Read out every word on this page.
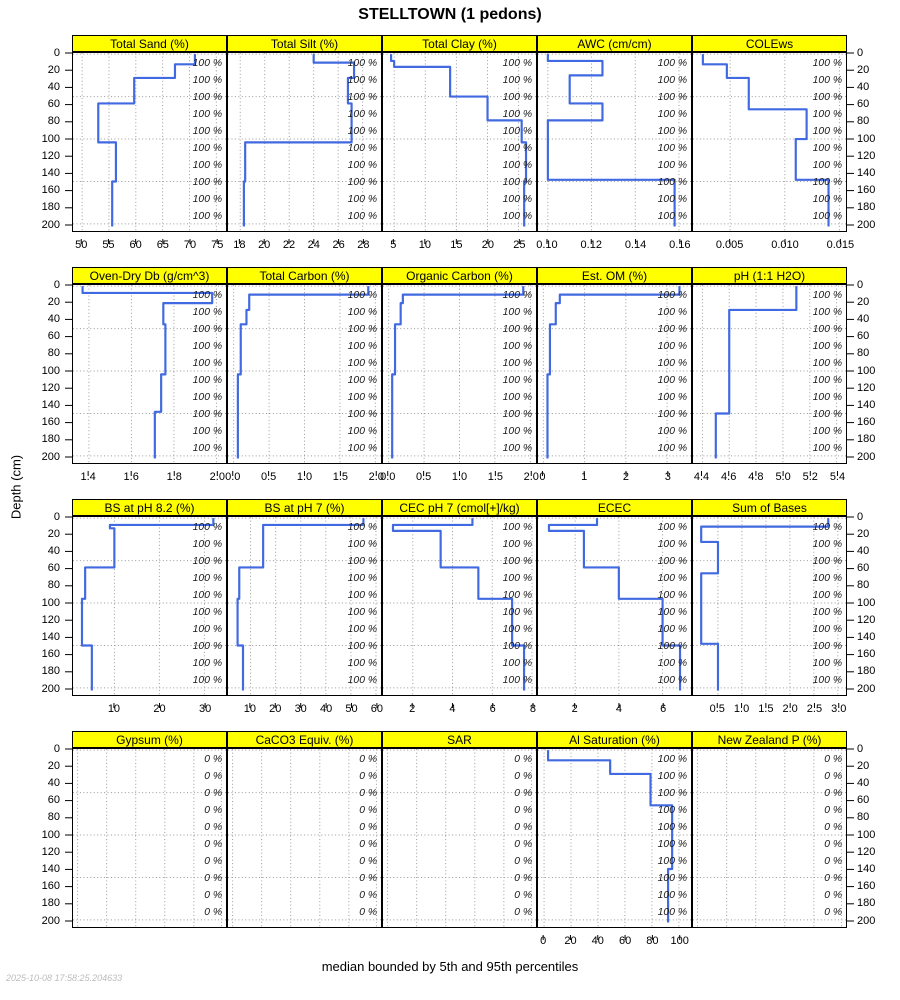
STELLTOWN (1 pedons)
Depth (cm)
Total Sand (%)
100 %
100 %
100 %
100 %
100 %
100 %
100 %
100 %
100 %
100 %
50	55	60	65	70	75
Total Silt (%)
100 %
100 %
100 %
100 %
100 %
100 %
100 %
100 %
100 %
100 %
18	20	22	24	26	28
Total Clay (%)
100 %
100 %
100 %
100 %
100 %
100 %
100 %
100 %
100 %
100 %
5	10	15	20	25
AWC (cm/cm)
100 %
100 %
100 %
100 %
100 %
100 %
100 %
100 %
100 %
100 %
0.10	0.12	0.14	0.16
COLEws
100 %
100 %
100 %
100 %
100 %
100 %
100 %
100 %
100 %
100 %
0.005	0.010	0.015
Oven-Dry Db (g/cm^3)
100 %
100 %
100 %
100 %
100 %
100 %
100 %
100 %
100 %
100 %
1.4	1.6	1.8	2.0
Total Carbon (%)
100 %
100 %
100 %
100 %
100 %
100 %
100 %
100 %
100 %
100 %
0.0	0.5	1.0	1.5	2.0
Organic Carbon (%)
100 %
100 %
100 %
100 %
100 %
100 %
100 %
100 %
100 %
100 %
0.0	0.5	1.0	1.5	2.0
Est. OM (%)
100 %
100 %
100 %
100 %
100 %
100 %
100 %
100 %
100 %
100 %
0	1	2	3
pH (1:1 H2O)
100 %
100 %
100 %
100 %
100 %
100 %
100 %
100 %
100 %
100 %
4.4	4.6	4.8	5.0	5.2	5.4
BS at pH 8.2 (%)
100 %
100 %
100 %
100 %
100 %
100 %
100 %
100 %
100 %
100 %
10	20	30
BS at pH 7 (%)
100 %
100 %
100 %
100 %
100 %
100 %
100 %
100 %
100 %
100 %
10	20	30	40	50	60
CEC pH 7 (cmol[+]/kg)
100 %
100 %
100 %
100 %
100 %
100 %
100 %
100 %
100 %
100 %
2	4	6	8
ECEC
100 %
100 %
100 %
100 %
100 %
100 %
100 %
100 %
100 %
100 %
2	4	6
Sum of Bases
100 %
100 %
100 %
100 %
100 %
100 %
100 %
100 %
100 %
100 %
0.5 1.0 1.5 2.0 2.5 3.0
Gypsum (%)
0 %
0 %
0 %
0 %
0 %
0 %
0 %
0 %
0 %
0 %
CaCO3 Equiv. (%)
0 %
0 %
0 %
0 %
0 %
0 %
0 %
0 %
0 %
0 %
SAR
0 %
0 %
0 %
0 %
0 %
0 %
0 %
0 %
0 %
0 %
Al Saturation (%)
100 %
100 %
100 %
100 %
100 %
100 %
100 %
100 %
100 %
100 %
0	20	40	60	80	100
New Zealand P (%)
0 %
0 %
0 %
0 %
0 %
0 %
0 %
0 %
0 %
0 %
0	0
20	20
40	40
60	60
80	80
100	100
120	120
140	140
160	160
180	180
200	200
0	0
20	20
40	40
60	60
80	80
100	100
120	120
140	140
160	160
180	180
200	200
0	0
20	20
40	40
60	60
80	80
100	100
120	120
140	140
160	160
180	180
200	200
0	0
20	20
40	40
60	60
80	80
100	100
120	120
140	140
160	160
180	180
200	200
median bounded by 5th and 95th percentiles
2025-10-08 17:58:25.204633
